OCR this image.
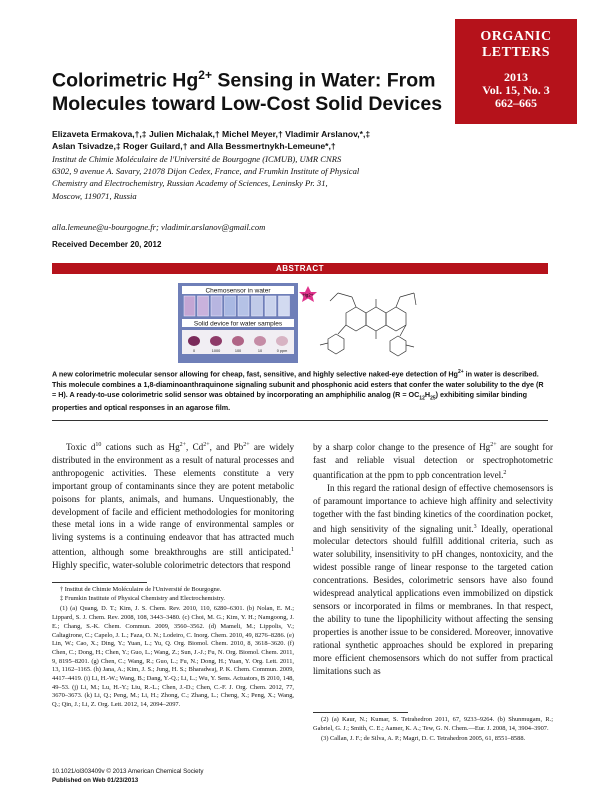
ORGANIC
LETTERS
2013
Vol. 15, No. 3
662–665
Colorimetric $Hg^{2+}$ Sensing in Water: From
Molecules toward Low-Cost Solid Devices
Elizaveta Ermakova,†,‡ Julien Michalak,† Michel Meyer,† Vladimir Arslanov,*,‡
Aslan Tsivadze,‡ Roger Guilard,† and Alla Bessmertnykh-Lemeune*,†
Institut de Chimie Moléculaire de l'Université de Bourgogne (ICMUB), UMR CNRS
6302, 9 avenue A. Savary, 21078 Dijon Cedex, France, and Frumkin Institute of Physical
Chemistry and Electrochemistry, Russian Academy of Sciences, Leninsky Pr. 31,
Moscow, 119071, Russia
alla.lemeune@u-bourgogne.fr; vladimir.arslanov@gmail.com
Received December 20, 2012
ABSTRACT
Chemosensor in water
Solid device for water samples
0	1000	100	10	0 ppm
Hg2+
A new colorimetric molecular sensor allowing for cheap, fast, sensitive, and highly selective naked-eye detection of $Hg^{2+}$ in water is described. This molecule combines a 1,8-diaminoanthraquinone signaling subunit and phosphonic acid esters that confer the water solubility to the dye (R = H). A ready-to-use colorimetric solid sensor was obtained by incorporating an amphiphilic analog $(R = OC_{12}H_{25})$ exhibiting similar binding properties and optical responses in an agarose film.

Toxic $d^{10}$ cations such as $Hg^{2+}$, $Cd^{2+}$, and $Pb^{2+}$ are widely distributed in the environment as a result of natural processes and anthropogenic activities. These elements constitute a very important group of contaminants since they are potent metabolic poisons for plants, animals, and humans. Unquestionably, the development of facile and efficient methodologies for monitoring these metal ions in a wide range of environmental samples or living systems is a continuing endeavor that has attracted much attention, although some breakthroughs are still anticipated.$^1$ Highly specific, water-soluble colorimetric detectors that respond

by a sharp color change to the presence of $Hg^{2+}$ are sought for fast and reliable visual detection or spectrophotometric quantification at the ppm to ppb concentration level.$^2$

In this regard the rational design of effective chemosensors is of paramount importance to achieve high affinity and selectivity together with the fast binding kinetics of the coordination pocket, and high sensitivity of the signaling unit.$^3$ Ideally, operational molecular detectors should fulfill additional criteria, such as water solubility, insensitivity to pH changes, nontoxicity, and the widest possible range of linear response to the targeted cation concentrations. Besides, colorimetric sensors have also found widespread analytical applications even immobilized on dipstick sensors or incorporated in films or membranes. In that respect, the ability to tune the lipophilicity without affecting the sensing properties is another issue to be considered. Moreover, innovative rational synthetic approaches should be explored in preparing more efficient chemosensors which do not suffer from practical limitations such as

† Institut de Chimie Moléculaire de l'Université de Bourgogne.
‡ Frumkin Institute of Physical Chemistry and Electrochemistry.
(1) (a) Quang, D. T.; Kim, J. S. Chem. Rev. 2010, 110, 6280–6301. (b) Nolan, E. M.; Lippard, S. J. Chem. Rev. 2008, 108, 3443–3480. (c) Choi, M. G.; Kim, Y. H.; Namgoong, J. E.; Chang, S.-K. Chem. Commun. 2009, 3560–3562. (d) Mameli, M.; Lippolis, V.; Caltagirone, C.; Capelo, J. L.; Faza, O. N.; Lodeiro, C. Inorg. Chem. 2010, 49, 8276–8286. (e) Lin, W.; Cao, X.; Ding, Y.; Yuan, L.; Yu, Q. Org. Biomol. Chem. 2010, 8, 3618–3620. (f) Chen, C.; Dong, H.; Chen, Y.; Guo, L.; Wang, Z.; Sun, J.-J.; Fu, N. Org. Biomol. Chem. 2011, 9, 8195–8201. (g) Chen, C.; Wang, R.; Guo, L.; Fu, N.; Dong, H.; Yuan, Y. Org. Lett. 2011, 13, 1162–1165. (h) Jana, A.; Kim, J. S.; Jung, H. S.; Bharadwaj, P. K. Chem. Commun. 2009, 4417–4419. (i) Li, H.-W.; Wang, B.; Dang, Y.-Q.; Li, L.; Wu, Y. Sens. Actuators, B 2010, 148, 49–53. (j) Li, M.; Lu, H.-Y.; Liu, R.-L.; Chen, J.-D.; Chen, C.-F. J. Org. Chem. 2012, 77, 3670–3673. (k) Li, Q.; Peng, M.; Li, H.; Zhong, C.; Zhang, L.; Cheng, X.; Peng, X.; Wang, Q.; Qin, J.; Li, Z. Org. Lett. 2012, 14, 2094–2097.
(2) (a) Kaur, N.; Kumar, S. Tetrahedron 2011, 67, 9233–9264. (b) Shunmugam, R.; Gabriel, G. J.; Smith, C. E.; Aamer, K. A.; Tew, G. N. Chem.—Eur. J. 2008, 14, 3904–3907.
(3) Callan, J. F.; de Silva, A. P.; Magri, D. C. Tetrahedron 2005, 61, 8551–8588.
10.1021/ol303409v © 2013 American Chemical Society
Published on Web 01/23/2013
